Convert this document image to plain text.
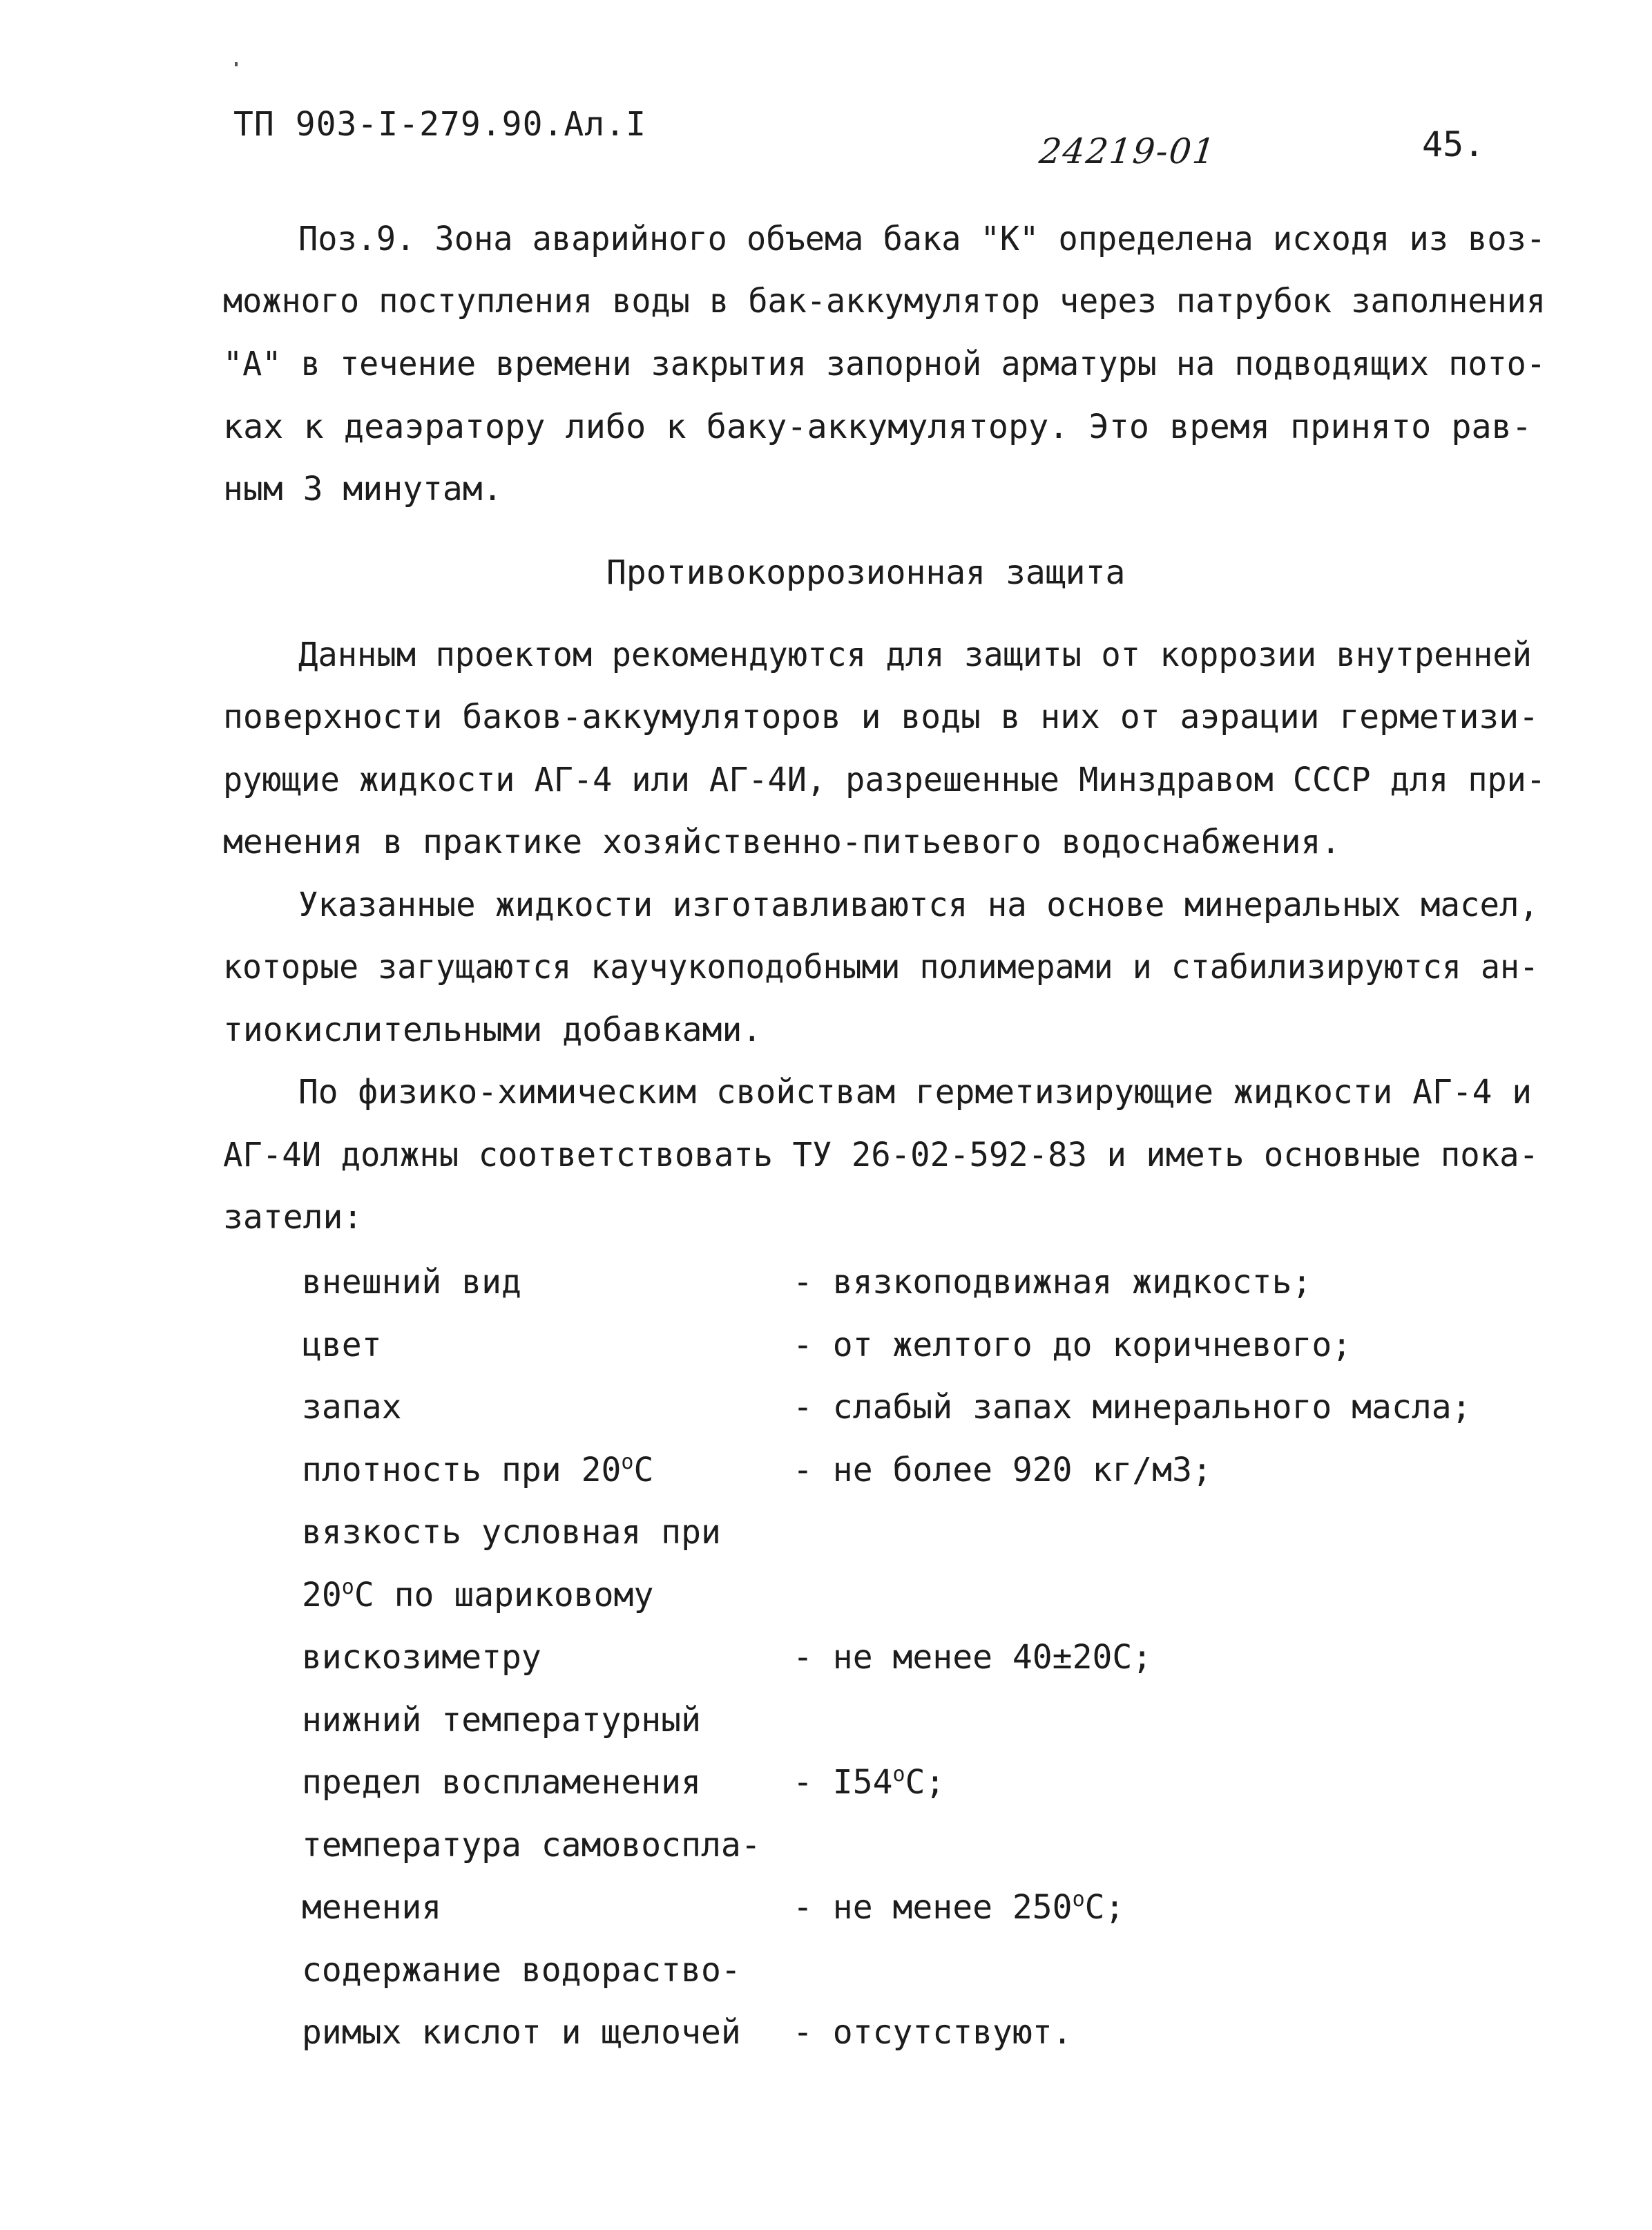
ТП 903-I-279.90.Ал.I
24219-01	45.
Поз.9. Зона аварийного объема бака "К" определена исходя из воз-
можного поступления воды в бак-аккумулятор через патрубок заполнения
"А" в течение времени закрытия запорной арматуры на подводящих пото-
ках к деаэратору либо к баку-аккумулятору. Это время принято рав-
ным 3 минутам.
Противокоррозионная защита
Данным проектом рекомендуются для защиты от коррозии внутренней
поверхности баков-аккумуляторов и воды в них от аэрации герметизи-
рующие жидкости АГ-4 или АГ-4И, разрешенные Минздравом СССР для при-
менения в практике хозяйственно-питьевого водоснабжения.
Указанные жидкости изготавливаются на основе минеральных масел,
которые загущаются каучукоподобными полимерами и стабилизируются ан-
тиокислительными добавками.
По физико-химическим свойствам герметизирующие жидкости АГ-4 и
АГ-4И должны соответствовать ТУ 26-02-592-83 и иметь основные пока-
затели:
внешний вид	- вязкоподвижная жидкость;
цвет	- от желтого до коричневого;
запах	- слабый запах минерального масла;
плотность при $20^оС$	- не более 920 кг/м3;
вязкость условная при
$20^оС$ по шариковому
вискозиметру	- не менее 40±20С;
нижний температурный
предел воспламенения	- $I54^оС$;
температура самовоспла-
менения	- не менее $250^оС$;
содержание водораство-
римых кислот и щелочей - отсутствуют.
